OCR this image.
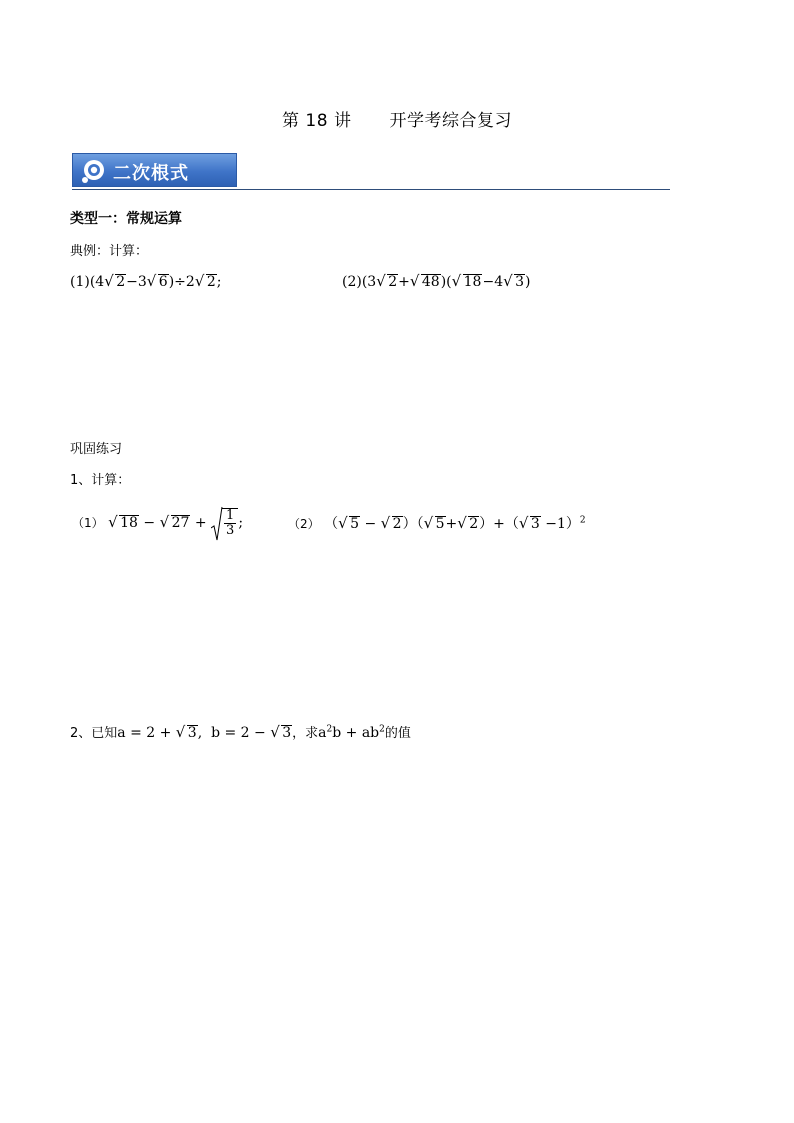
第 18 讲 开学考综合复习
二次根式
类型一：常规运算
典例：计算：
(1)(4 √ 2−3 √ 6)÷2 √ 2;	(2)(3 √ 2+ √ 48)( √ 18−4 √ 3)
巩固练习
1、计算：
（1） √ 18 − √ $27 + \frac{1}{3}$ ;	（2） （ √ 5 − √ 2）（ √ 5+ √ 2）+（ √ 3 −1）$^2$
2、已知a = 2 + √ 3,  b = 2 − √ 3，求$a^2b + ab^2$的值
